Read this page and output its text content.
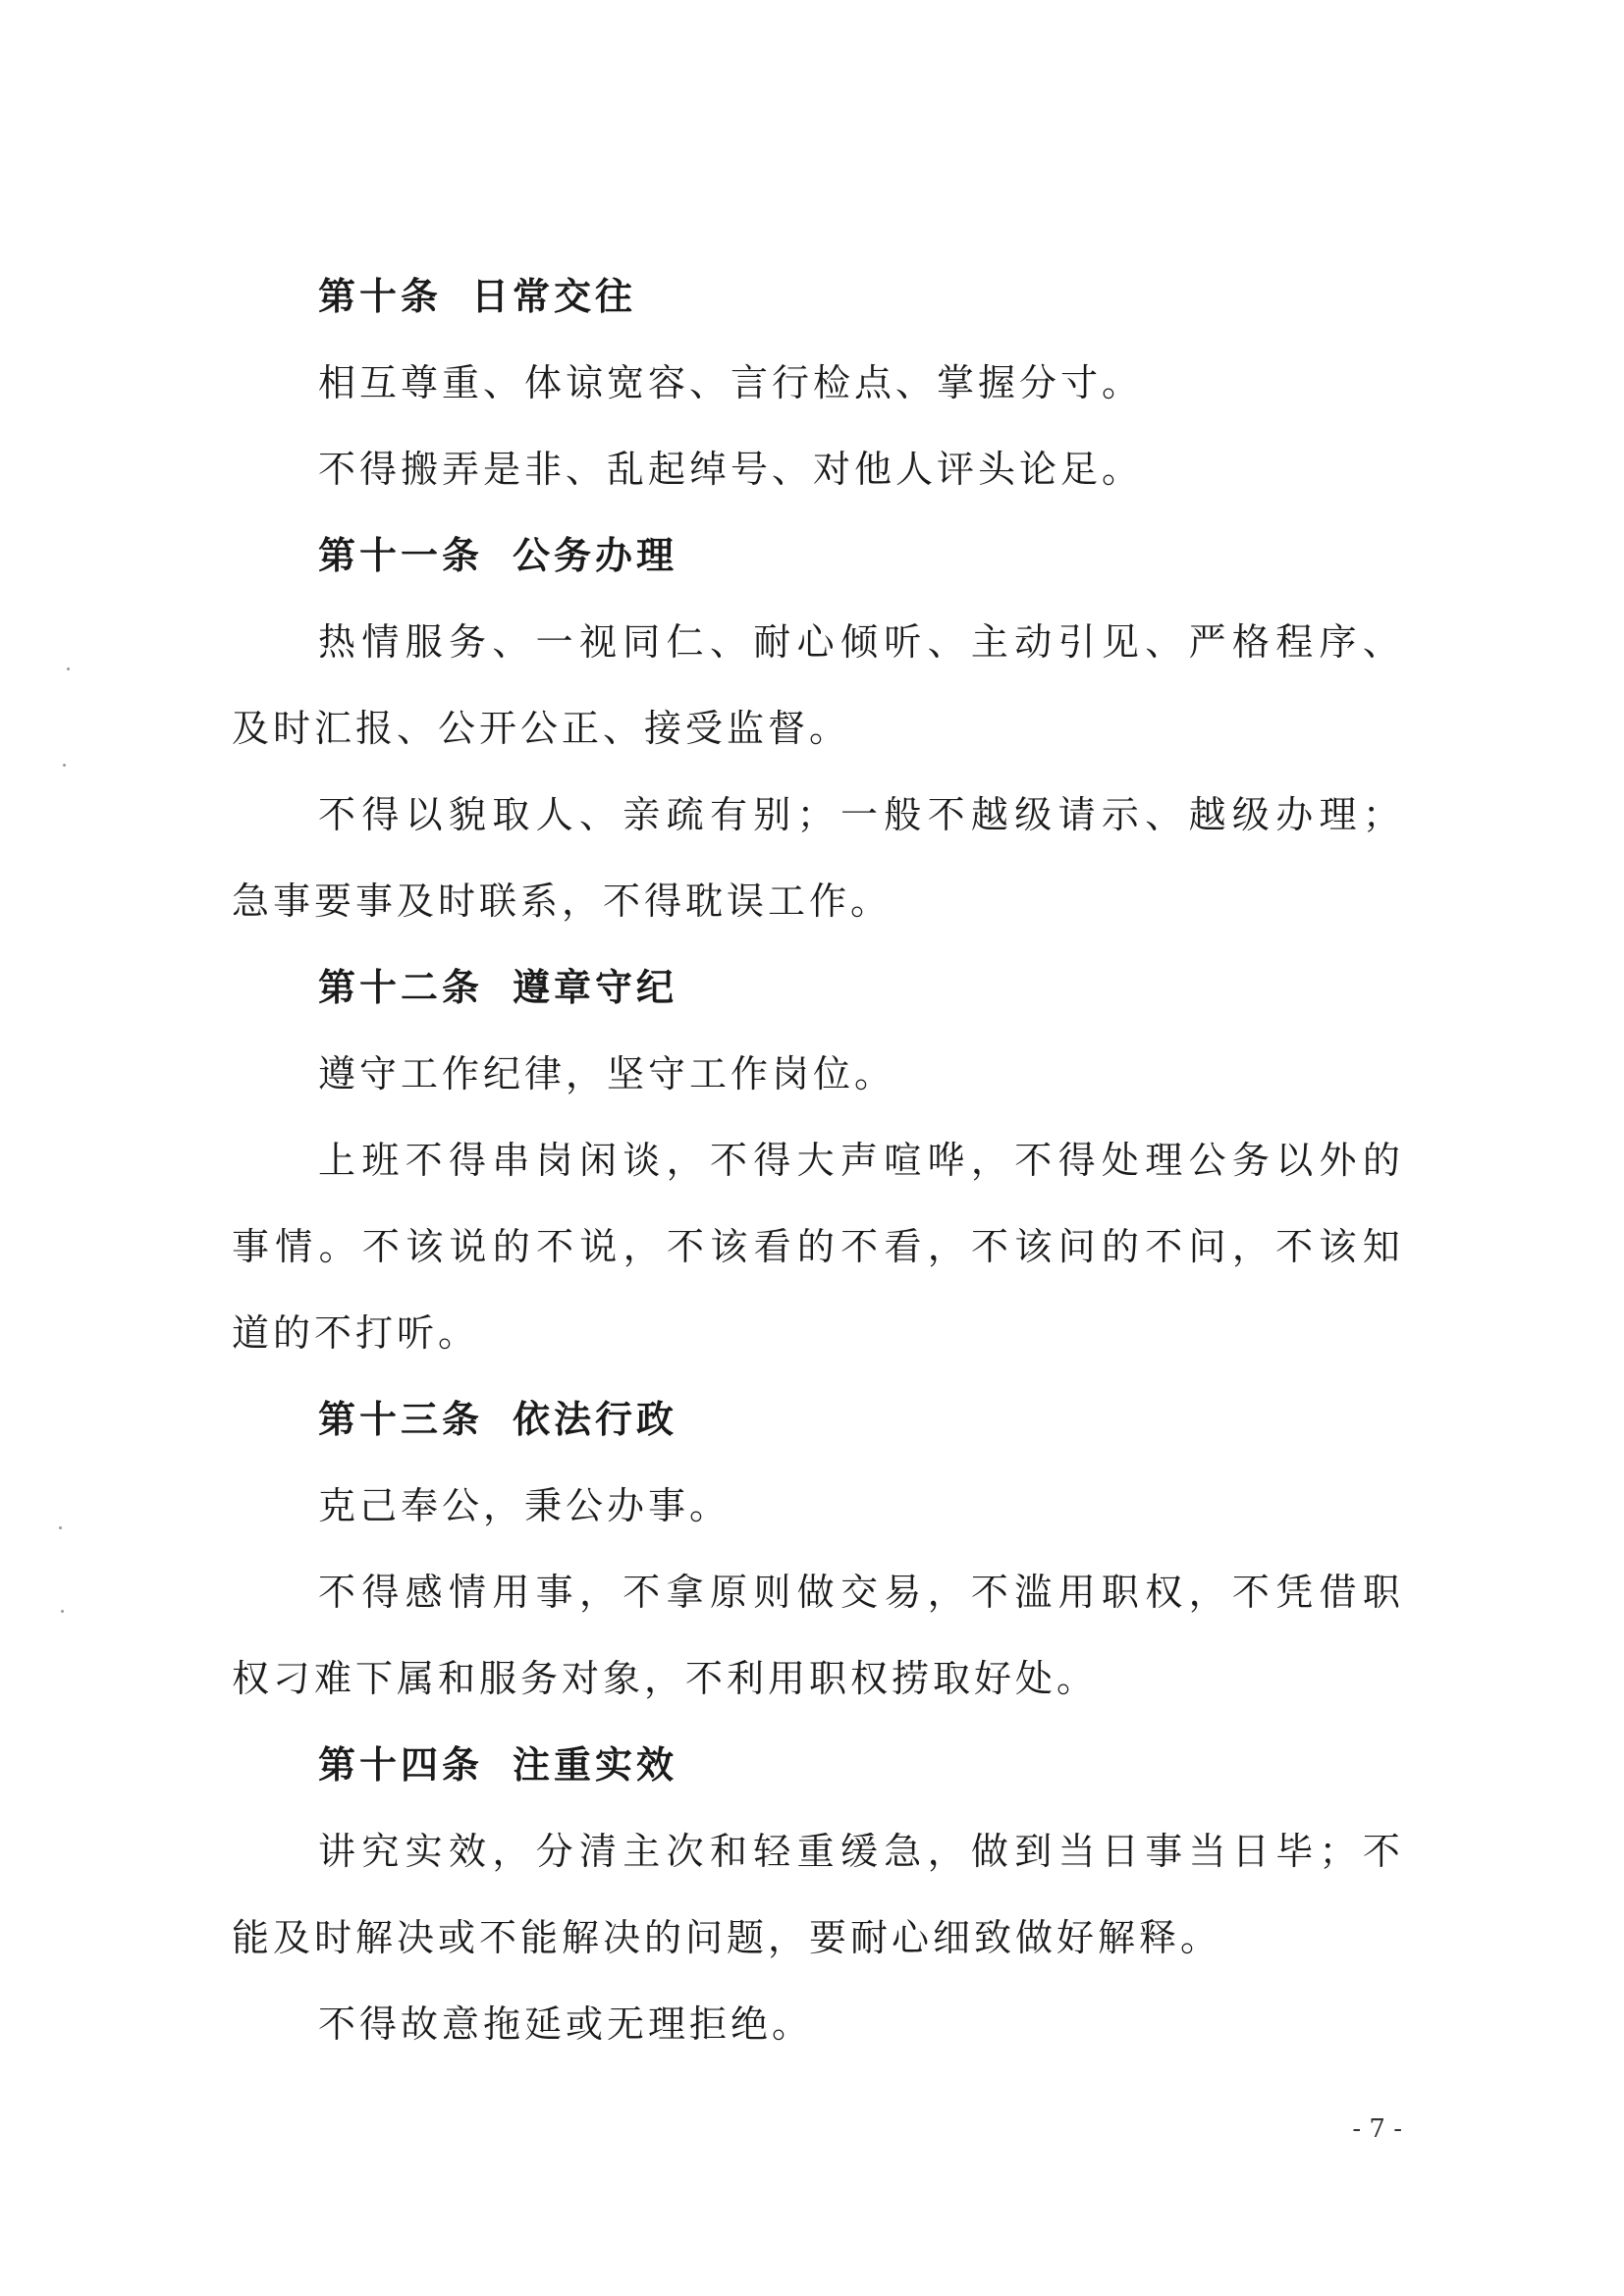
第十条 日常交往
相互尊重、体谅宽容、言行检点、掌握分寸。
不得搬弄是非、乱起绰号、对他人评头论足。
第十一条 公务办理
热 情 服 务 、 一 视 同 仁 、 耐 心 倾 听 、 主 动 引 见 、 严 格 程 序 、
及时汇报、公开公正、接受监督。
不 得 以 貌 取 人 、 亲 疏 有 别 ； 一 般 不 越 级 请 示 、 越 级 办 理 ；
急事要事及时联系，不得耽误工作。
第十二条 遵章守纪
遵守工作纪律，坚守工作岗位。
上 班 不 得 串 岗 闲 谈 ， 不 得 大 声 喧 哗 ， 不 得 处 理 公 务 以 外 的
事 情 。 不 该 说 的 不 说 ， 不 该 看 的 不 看 ， 不 该 问 的 不 问 ， 不 该 知
道的不打听。
第十三条 依法行政
克己奉公，秉公办事。
不 得 感 情 用 事 ， 不 拿 原 则 做 交 易 ， 不 滥 用 职 权 ， 不 凭 借 职
权刁难下属和服务对象，不利用职权捞取好处。
第十四条 注重实效
讲 究 实 效 ， 分 清 主 次 和 轻 重 缓 急 ， 做 到 当 日 事 当 日 毕 ； 不
能及时解决或不能解决的问题，要耐心细致做好解释。
不得故意拖延或无理拒绝。
- 7 -
